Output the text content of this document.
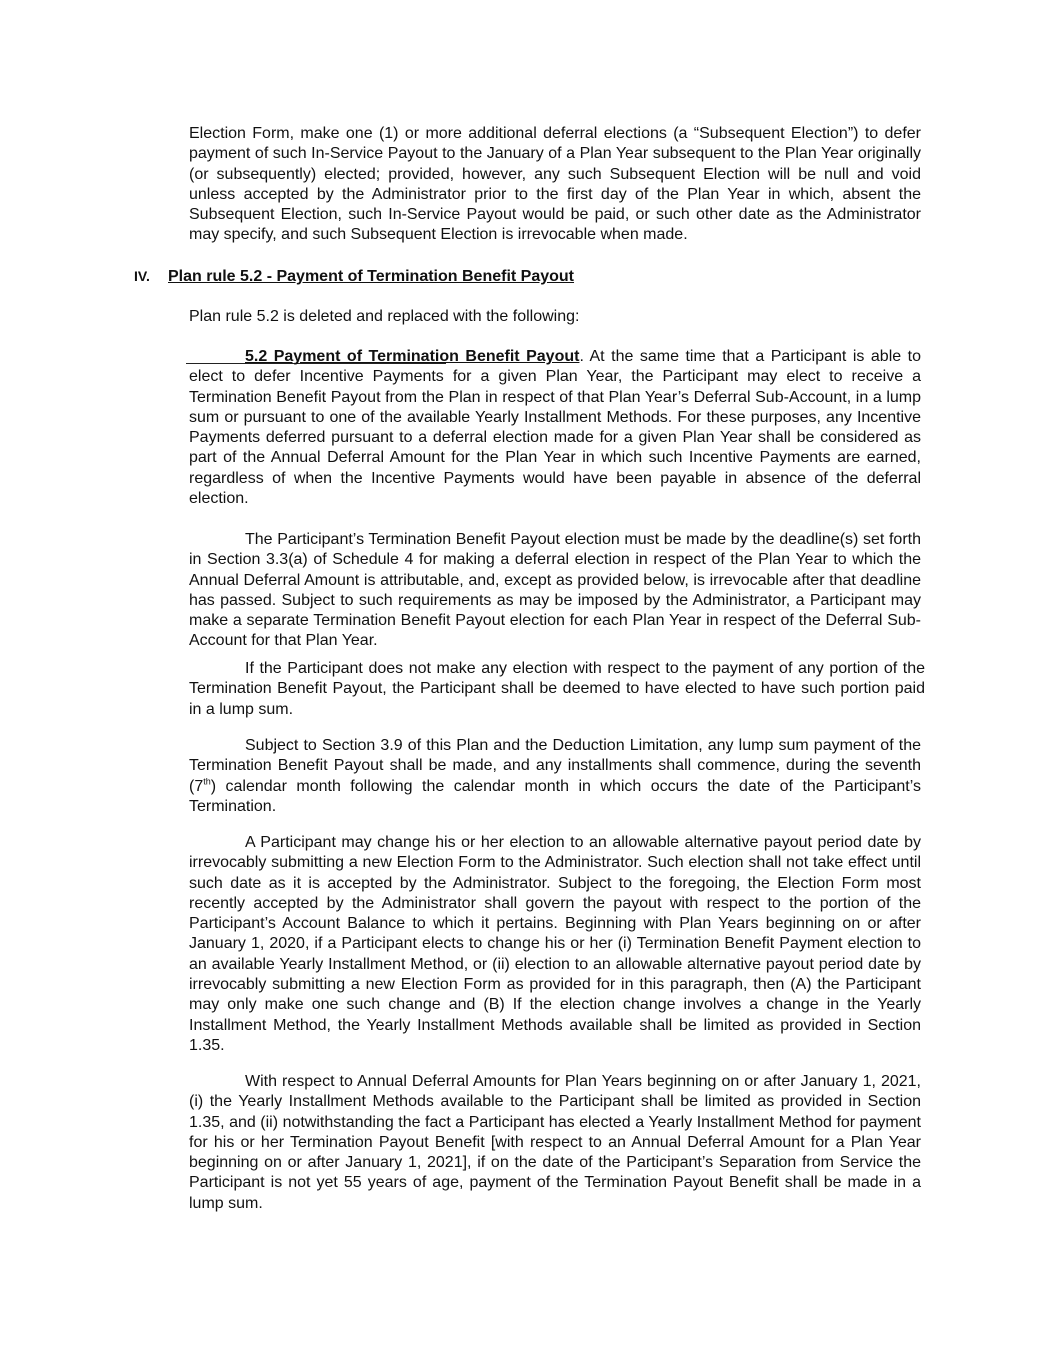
Election Form, make one (1) or more additional deferral elections (a “Subsequent Election”) to defer payment of such In-Service Payout to the January of a Plan Year subsequent to the Plan Year originally (or subsequently) elected; provided, however, any such Subsequent Election will be null and void unless accepted by the Administrator prior to the first day of the Plan Year in which, absent the Subsequent Election, such In-Service Payout would be paid, or such other date as the Administrator may specify, and such Subsequent Election is irrevocable when made.

IV. Plan rule 5.2 - Payment of Termination Benefit Payout

Plan rule 5.2 is deleted and replaced with the following:

5.2 Payment of Termination Benefit Payout. At the same time that a Participant is able to elect to defer Incentive Payments for a given Plan Year, the Participant may elect to receive a Termination Benefit Payout from the Plan in respect of that Plan Year’s Deferral Sub-Account, in a lump sum or pursuant to one of the available Yearly Installment Methods. For these purposes, any Incentive Payments deferred pursuant to a deferral election made for a given Plan Year shall be considered as part of the Annual Deferral Amount for the Plan Year in which such Incentive Payments are earned, regardless of when the Incentive Payments would have been payable in absence of the deferral election.

The Participant’s Termination Benefit Payout election must be made by the deadline(s) set forth in Section 3.3(a) of Schedule 4 for making a deferral election in respect of the Plan Year to which the Annual Deferral Amount is attributable, and, except as provided below, is irrevocable after that deadline has passed. Subject to such requirements as may be imposed by the Administrator, a Participant may make a separate Termination Benefit Payout election for each Plan Year in respect of the Deferral Sub-Account for that Plan Year.

If the Participant does not make any election with respect to the payment of any portion of the Termination Benefit Payout, the Participant shall be deemed to have elected to have such portion paid in a lump sum.

Subject to Section 3.9 of this Plan and the Deduction Limitation, any lump sum payment of the Termination Benefit Payout shall be made, and any installments shall commence, during the seventh (7th) calendar month following the calendar month in which occurs the date of the Participant’s Termination.

A Participant may change his or her election to an allowable alternative payout period date by irrevocably submitting a new Election Form to the Administrator. Such election shall not take effect until such date as it is accepted by the Administrator. Subject to the foregoing, the Election Form most recently accepted by the Administrator shall govern the payout with respect to the portion of the Participant’s Account Balance to which it pertains. Beginning with Plan Years beginning on or after January 1, 2020, if a Participant elects to change his or her (i) Termination Benefit Payment election to an available Yearly Installment Method, or (ii) election to an allowable alternative payout period date by irrevocably submitting a new Election Form as provided for in this paragraph, then (A) the Participant may only make one such change and (B) If the election change involves a change in the Yearly Installment Method, the Yearly Installment Methods available shall be limited as provided in Section 1.35.

With respect to Annual Deferral Amounts for Plan Years beginning on or after January 1, 2021, (i) the Yearly Installment Methods available to the Participant shall be limited as provided in Section 1.35, and (ii) notwithstanding the fact a Participant has elected a Yearly Installment Method for payment for his or her Termination Payout Benefit [with respect to an Annual Deferral Amount for a Plan Year beginning on or after January 1, 2021], if on the date of the Participant’s Separation from Service the Participant is not yet 55 years of age, payment of the Termination Payout Benefit shall be made in a lump sum.
